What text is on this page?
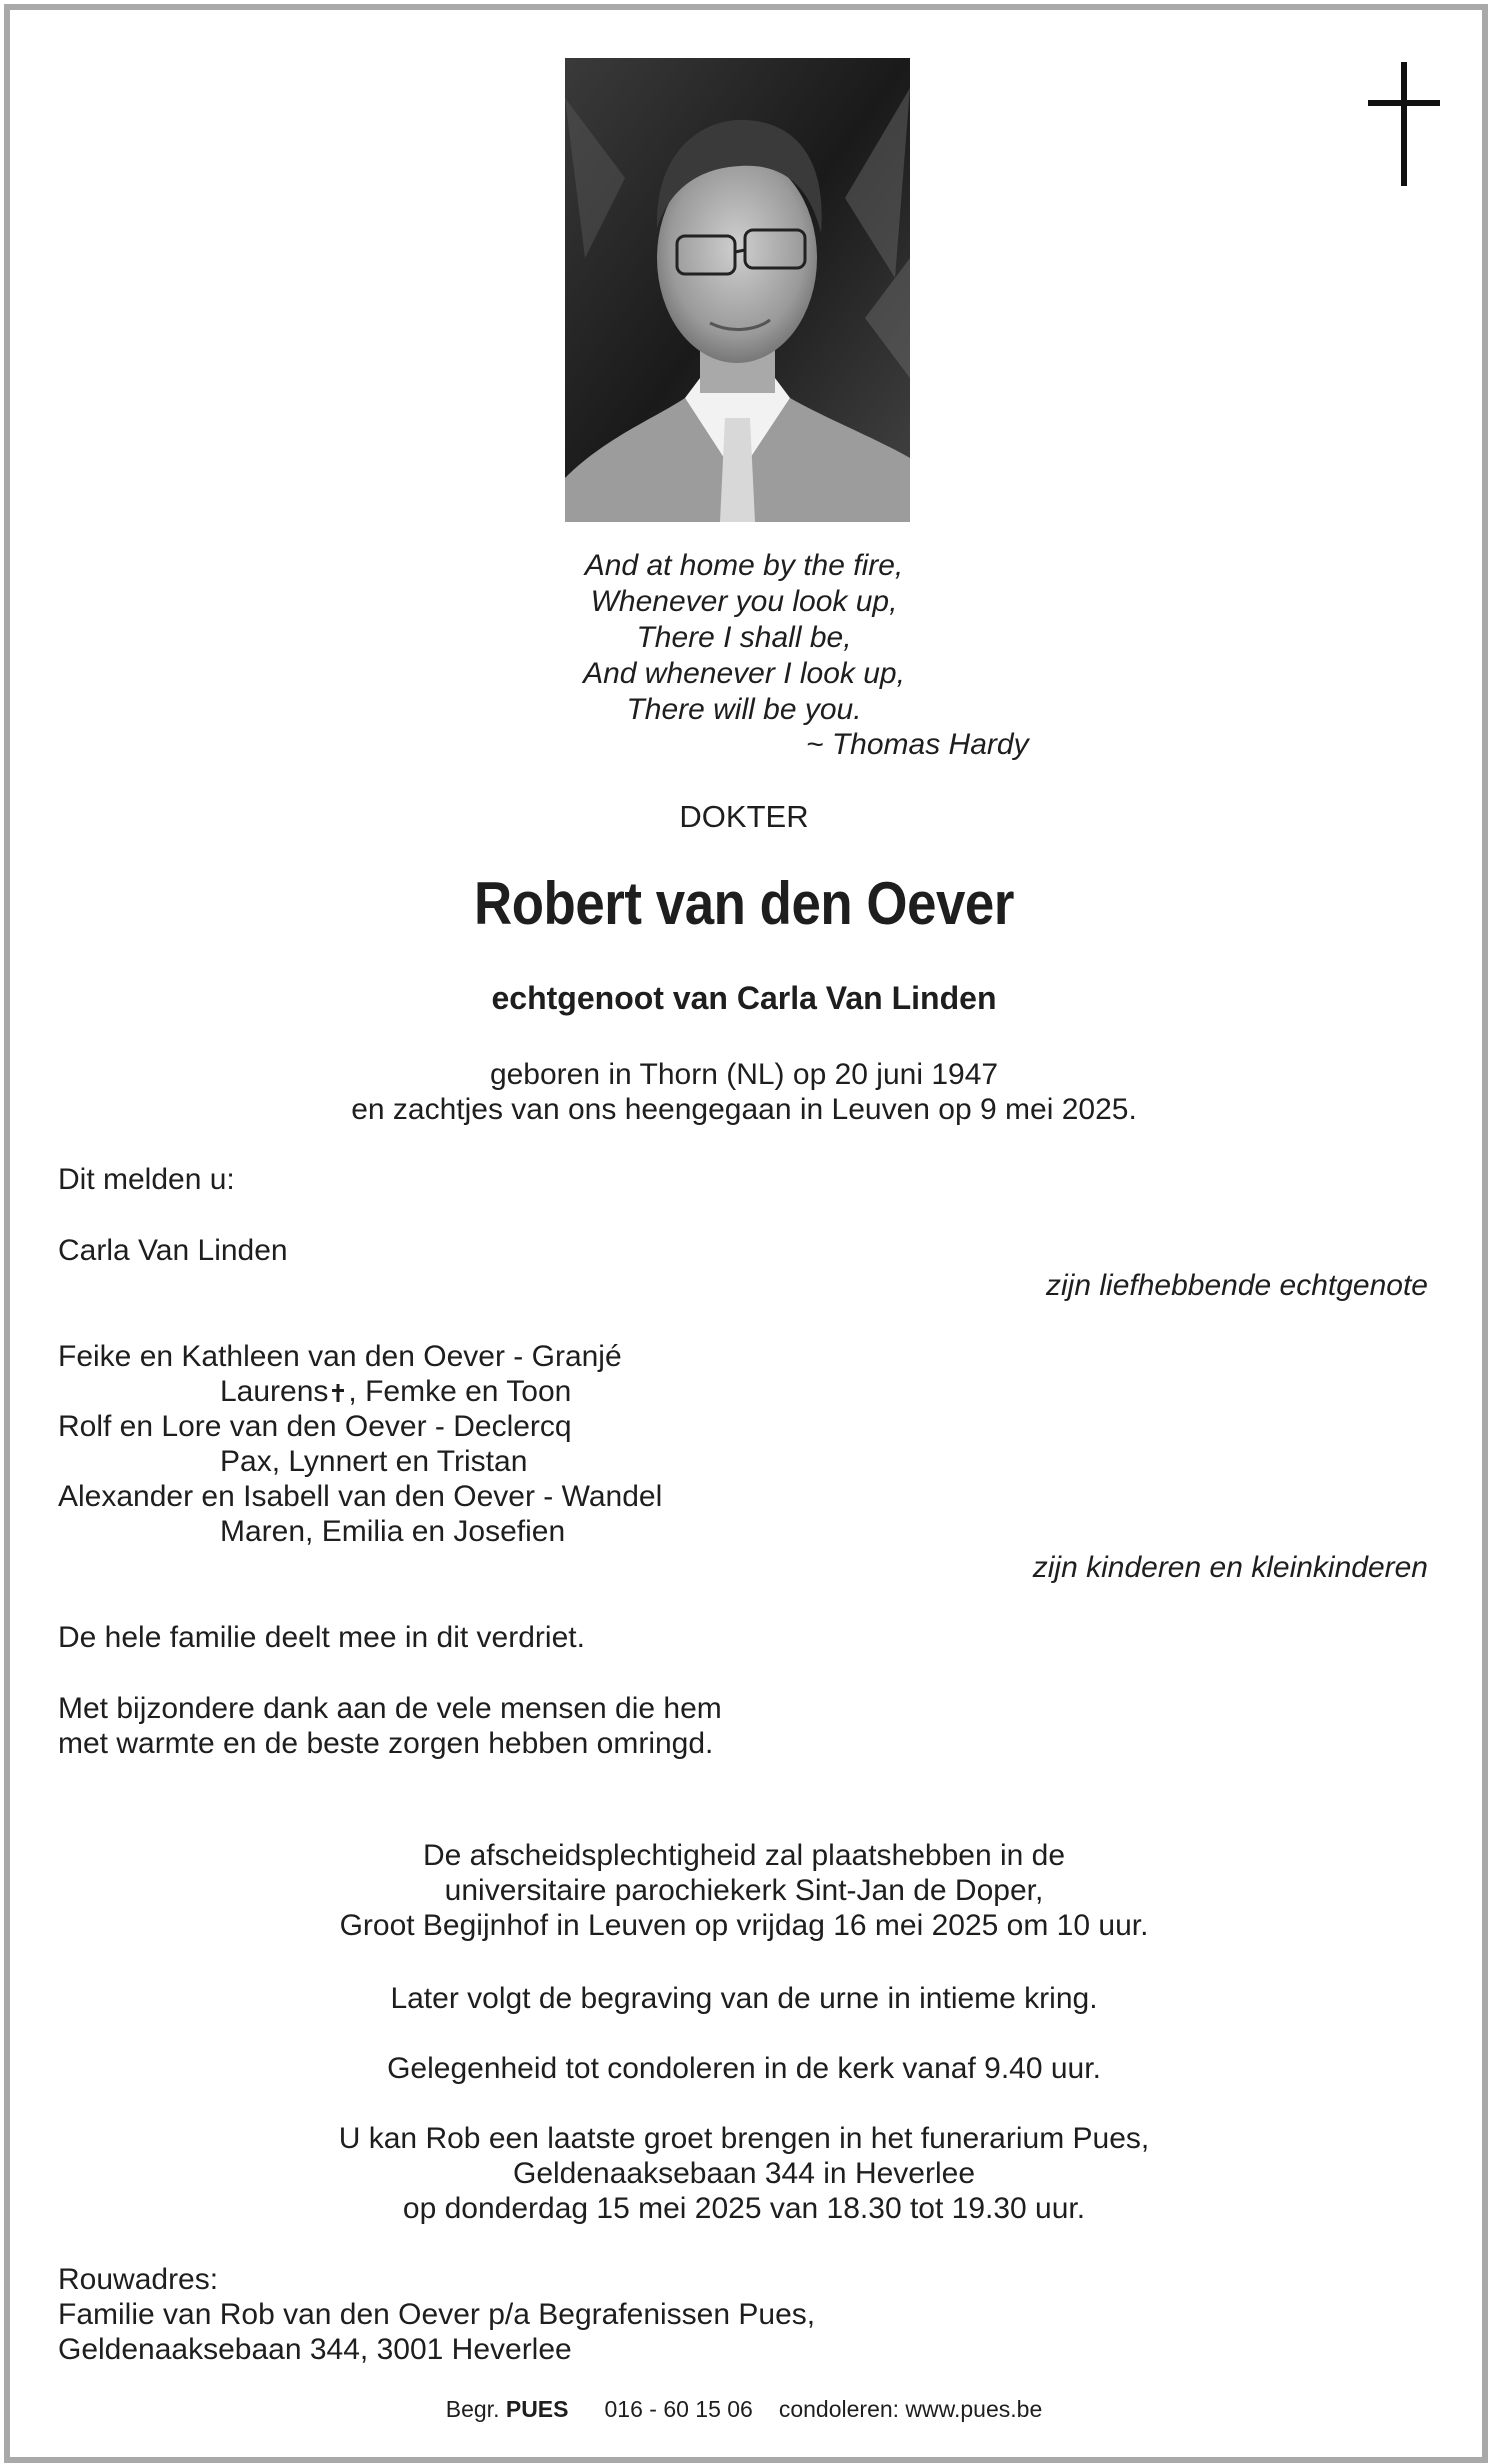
And at home by the fire,
Whenever you look up,
There I shall be,
And whenever I look up,
There will be you.
~ Thomas Hardy
DOKTER
Robert van den Oever
echtgenoot van Carla Van Linden
geboren in Thorn (NL) op 20 juni 1947
en zachtjes van ons heengegaan in Leuven op 9 mei 2025.
Dit melden u:
Carla Van Linden
zijn liefhebbende echtgenote
Feike en Kathleen van den Oever - Granjé
Laurens , Femke en Toon
Rolf en Lore van den Oever - Declercq
Pax, Lynnert en Tristan
Alexander en Isabell van den Oever - Wandel
Maren, Emilia en Josefien
zijn kinderen en kleinkinderen
De hele familie deelt mee in dit verdriet.
Met bijzondere dank aan de vele mensen die hem
met warmte en de beste zorgen hebben omringd.
De afscheidsplechtigheid zal plaatshebben in de
universitaire parochiekerk Sint-Jan de Doper,
Groot Begijnhof in Leuven op vrijdag 16 mei 2025 om 10 uur.
Later volgt de begraving van de urne in intieme kring.
Gelegenheid tot condoleren in de kerk vanaf 9.40 uur.
U kan Rob een laatste groet brengen in het funerarium Pues,
Geldenaaksebaan 344 in Heverlee
op donderdag 15 mei 2025 van 18.30 tot 19.30 uur.
Rouwadres:
Familie van Rob van den Oever p/a Begrafenissen Pues,
Geldenaaksebaan 344, 3001 Heverlee
Begr. PUES 016 - 60 15 06 condoleren: www.pues.be
